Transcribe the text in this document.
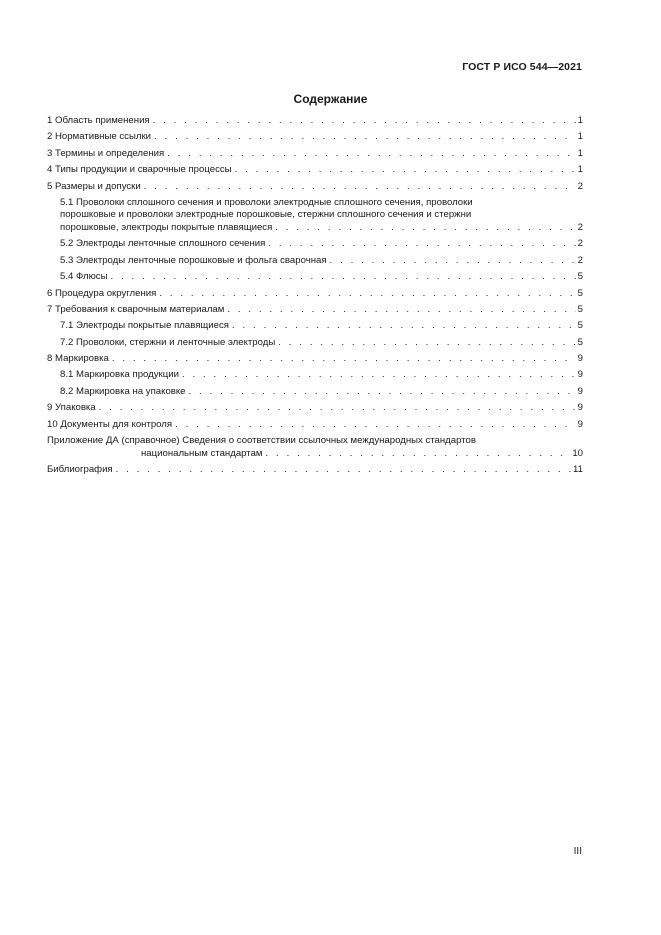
ГОСТ Р ИСО 544—2021
Содержание
1 Область применения . . .	1
2 Нормативные ссылки . . .	1
3 Термины и определения . . .	1
4 Типы продукции и сварочные процессы . . .	1
5 Размеры и допуски . . .	2
5.1 Проволоки сплошного сечения и проволоки электродные сплошного сечения, проволоки
порошковые и проволоки электродные порошковые, стержни сплошного сечения и стержни
порошковые, электроды покрытые плавящиеся . . .	2
5.2 Электроды ленточные сплошного сечения . . .	2
5.3 Электроды ленточные порошковые и фольга сварочная . . .	2
5.4 Флюсы . . .	5
6 Процедура округления . . .	5
7 Требования к сварочным материалам . . .	5
7.1 Электроды покрытые плавящиеся . . .	5
7.2 Проволоки, стержни и ленточные электроды . . .	5
8 Маркировка . . .	9
8.1 Маркировка продукции . . .	9
8.2 Маркировка на упаковке . . .	9
9 Упаковка . . .	9
10 Документы для контроля . . .	9
Приложение ДА (справочное) Сведения о соответствии ссылочных международных стандартов
национальным стандартам . . .	10
Библиография . . .	11
III
